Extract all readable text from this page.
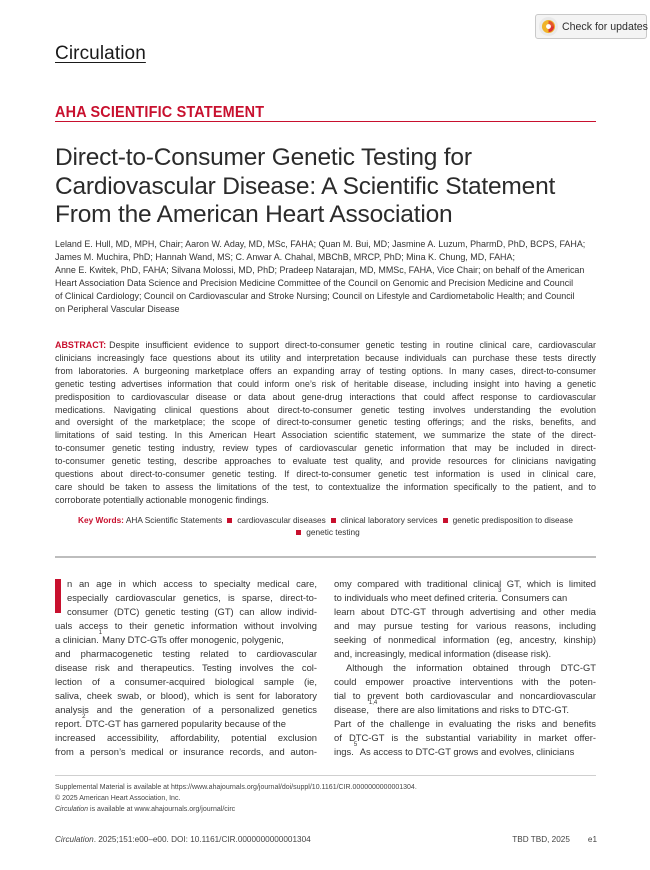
Check for updates
Circulation
AHA SCIENTIFIC STATEMENT
Direct-to-Consumer Genetic Testing for
Cardiovascular Disease: A Scientific Statement
From the American Heart Association
Leland E. Hull, MD, MPH, Chair; Aaron W. Aday, MD, MSc, FAHA; Quan M. Bui, MD; Jasmine A. Luzum, PharmD, PhD, BCPS, FAHA;
James M. Muchira, PhD; Hannah Wand, MS; C. Anwar A. Chahal, MBChB, MRCP, PhD; Mina K. Chung, MD, FAHA;
Anne E. Kwitek, PhD, FAHA; Silvana Molossi, MD, PhD; Pradeep Natarajan, MD, MMSc, FAHA, Vice Chair; on behalf of the American
Heart Association Data Science and Precision Medicine Committee of the Council on Genomic and Precision Medicine and Council
of Clinical Cardiology; Council on Cardiovascular and Stroke Nursing; Council on Lifestyle and Cardiometabolic Health; and Council
on Peripheral Vascular Disease
ABSTRACT: Despite insufficient evidence to support direct-to-consumer genetic testing in routine clinical care, cardiovascular
clinicians increasingly face questions about its utility and interpretation because individuals can purchase these tests directly
from laboratories. A burgeoning marketplace offers an expanding array of testing options. In many cases, direct-to-consumer
genetic testing advertises information that could inform one’s risk of heritable disease, including insight into having a genetic
predisposition to cardiovascular disease or data about gene-drug interactions that could affect response to cardiovascular
medications. Navigating clinical questions about direct-to-consumer genetic testing involves understanding the evolution
and oversight of the marketplace; the scope of direct-to-consumer genetic testing offerings; and the risks, benefits, and
limitations of said testing. In this American Heart Association scientific statement, we summarize the state of the direct-
to-consumer genetic testing industry, review types of cardiovascular genetic information that may be included in direct-
to-consumer genetic testing, describe approaches to evaluate test quality, and provide resources for clinicians navigating
questions about direct-to-consumer genetic testing. If direct-to-consumer genetic test information is used in clinical care,
care should be taken to assess the limitations of the test, to contextualize the information specifically to the patient, and to
corroborate potentially actionable monogenic findings.
Key Words: AHA Scientific Statements cardiovascular diseases clinical laboratory services genetic predisposition to disease
genetic testing
n an age in which access to specialty medical care,
especially cardiovascular genetics, is sparse, direct-to-
consumer (DTC) genetic testing (GT) can allow individ-
uals access to their genetic information without involving
a clinician.
1
Many DTC-GTs offer monogenic, polygenic,
and pharmacogenetic testing related to cardiovascular
disease risk and therapeutics. Testing involves the col-
lection of a consumer-acquired biological sample (ie,
saliva, cheek swab, or blood), which is sent for laboratory
analysis and the generation of a personalized genetics
report.
2
DTC-GT has garnered popularity because of the
increased accessibility, affordability, potential exclusion
from a person’s medical or insurance records, and auton-
omy compared with traditional clinical GT, which is limited
to individuals who meet defined criteria.
3
Consumers can
learn about DTC-GT through advertising and other media
and may pursue testing for various reasons, including
seeking of nonmedical information (eg, ancestry, kinship)
and, increasingly, medical information (disease risk).
Although the information obtained through DTC-GT
could empower proactive interventions with the poten-
tial to prevent both cardiovascular and noncardiovascular
disease,
1,4
there are also limitations and risks to DTC-GT.
Part of the challenge in evaluating the risks and benefits
of DTC-GT is the substantial variability in market offer-
ings.
5

As access to DTC-GT grows and evolves, clinicians
Supplemental Material is available at https://www.ahajournals.org/journal/doi/suppl/10.1161/CIR.0000000000001304.
© 2025 American Heart Association, Inc.
Circulation is available at www.ahajournals.org/journal/circ
Circulation. 2025;151:e00–e00. DOI: 10.1161/CIR.0000000000001304	TBD TBD, 2025 e1
